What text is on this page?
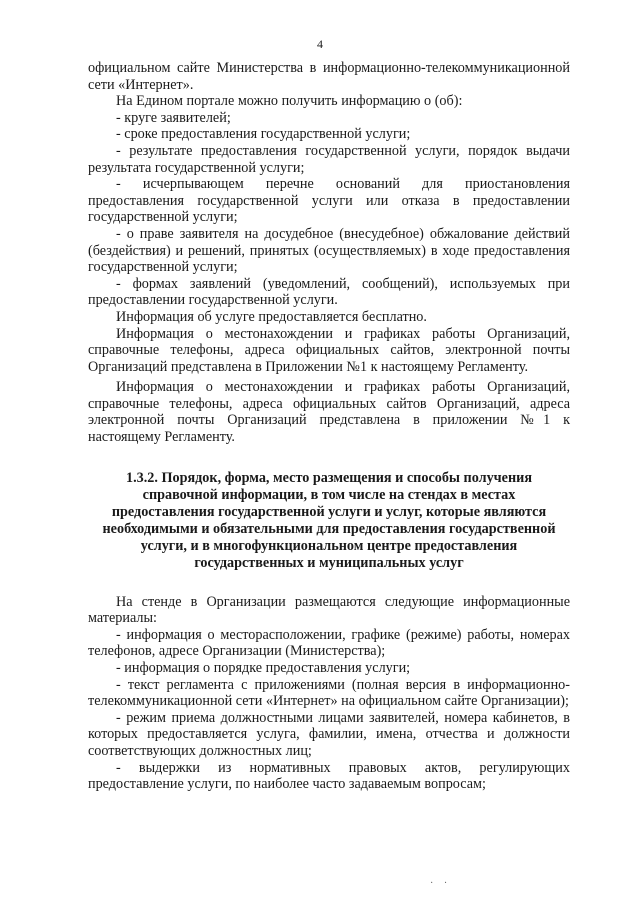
4

официальном сайте Министерства в информационно-телекоммуникационной сети «Интернет».

На Едином портале можно получить информацию о (об):

- круге заявителей;

- сроке предоставления государственной услуги;

- результате предоставления государственной услуги, порядок выдачи результата государственной услуги;

- исчерпывающем перечне оснований для приостановления предоставления государственной услуги или отказа в предоставлении государственной услуги;

- о праве заявителя на досудебное (внесудебное) обжалование действий (бездействия) и решений, принятых (осуществляемых) в ходе предоставления государственной услуги;

- формах заявлений (уведомлений, сообщений), используемых при предоставлении государственной услуги.

Информация об услуге предоставляется бесплатно.

Информация о местонахождении и графиках работы Организаций, справочные телефоны, адреса официальных сайтов, электронной почты Организаций представлена в Приложении №1 к настоящему Регламенту.

Информация о местонахождении и графиках работы Организаций, справочные телефоны, адреса официальных сайтов Организаций, адреса электронной почты Организаций представлена в приложении №1 к настоящему Регламенту.

1.3.2. Порядок, форма, место размещения и способы получения справочной информации, в том числе на стендах в местах предоставления государственной услуги и услуг, которые являются необходимыми и обязательными для предоставления государственной услуги, и в многофункциональном центре предоставления государственных и муниципальных услуг

На стенде в Организации размещаются следующие информационные материалы:

- информация о месторасположении, графике (режиме) работы, номерах телефонов, адресе Организации (Министерства);

- информация о порядке предоставления услуги;

- текст регламента с приложениями (полная версия в информационно-телекоммуникационной сети «Интернет» на официальном сайте Организации);

- режим приема должностными лицами заявителей, номера кабинетов, в которых предоставляется услуга, фамилии, имена, отчества и должности соответствующих должностных лиц;

- выдержки из нормативных правовых актов, регулирующих предоставление услуги, по наиболее часто задаваемым вопросам;

· ·
